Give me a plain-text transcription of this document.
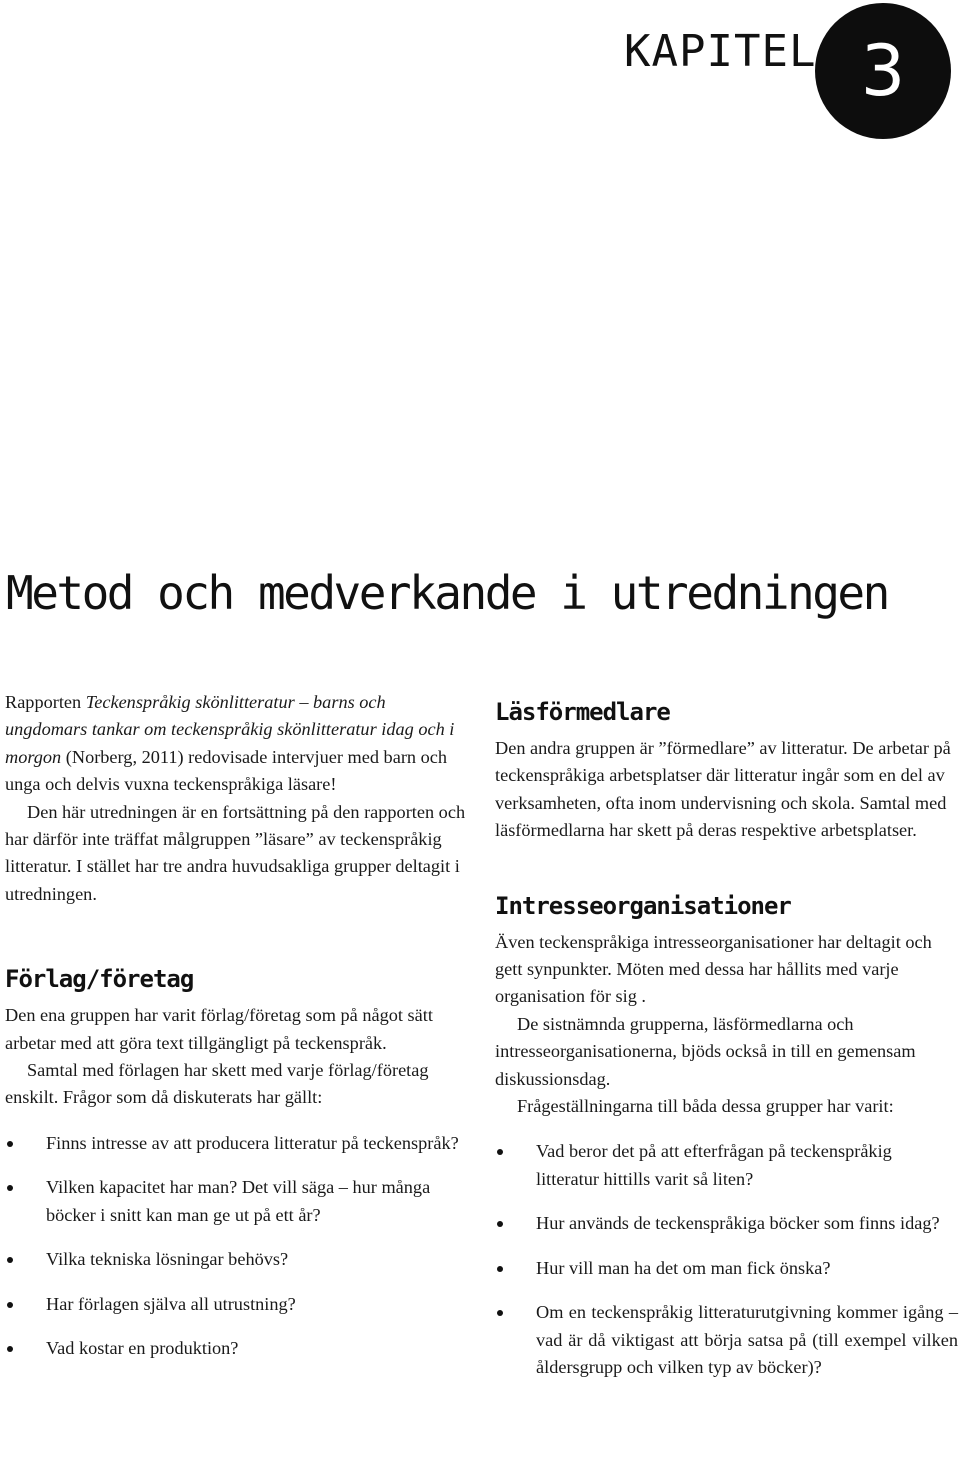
KAPITEL 3
Metod och medverkande i utredningen

Rapporten Teckenspråkig skönlitteratur – barns och ungdomars tankar om teckenspråkig skönlitteratur idag och i morgon (Norberg, 2011) redovisade intervjuer med barn och unga och delvis vuxna teckenspråkiga läsare!

Den här utredningen är en fortsättning på den rapporten och har därför inte träffat målgruppen ”läsare” av teckenspråkig litteratur. I stället har tre andra huvudsakliga grupper deltagit i utredningen.

Förlag/företag

Den ena gruppen har varit förlag/företag som på något sätt arbetar med att göra text tillgängligt på teckenspråk.

Samtal med förlagen har skett med varje förlag/företag enskilt. Frågor som då diskuterats har gällt:

Finns intresse av att producera litteratur på teckenspråk?
Vilken kapacitet har man? Det vill säga – hur många böcker i snitt kan man ge ut på ett år?
Vilka tekniska lösningar behövs?
Har förlagen själva all utrustning?
Vad kostar en produktion?
Läsförmedlare

Den andra gruppen är ”förmedlare” av litteratur. De arbetar på teckenspråkiga arbetsplatser där litteratur ingår som en del av verksamheten, ofta inom undervisning och skola. Samtal med läsförmedlarna har skett på deras respektive arbetsplatser.

Intresseorganisationer

Även teckenspråkiga intresseorganisationer har deltagit och gett synpunkter. Möten med dessa har hållits med varje organisation för sig .

De sistnämnda grupperna, läsförmedlarna och intresseorganisationerna, bjöds också in till en gemensam diskussionsdag.

Frågeställningarna till båda dessa grupper har varit:

Vad beror det på att efterfrågan på teckenspråkig litteratur hittills varit så liten?
Hur används de teckenspråkiga böcker som finns idag?
Hur vill man ha det om man fick önska?
Om en teckenspråkig litteraturutgivning kommer igång – vad är då viktigast att börja satsa på (till exempel vilken åldersgrupp och vilken typ av böcker)?
